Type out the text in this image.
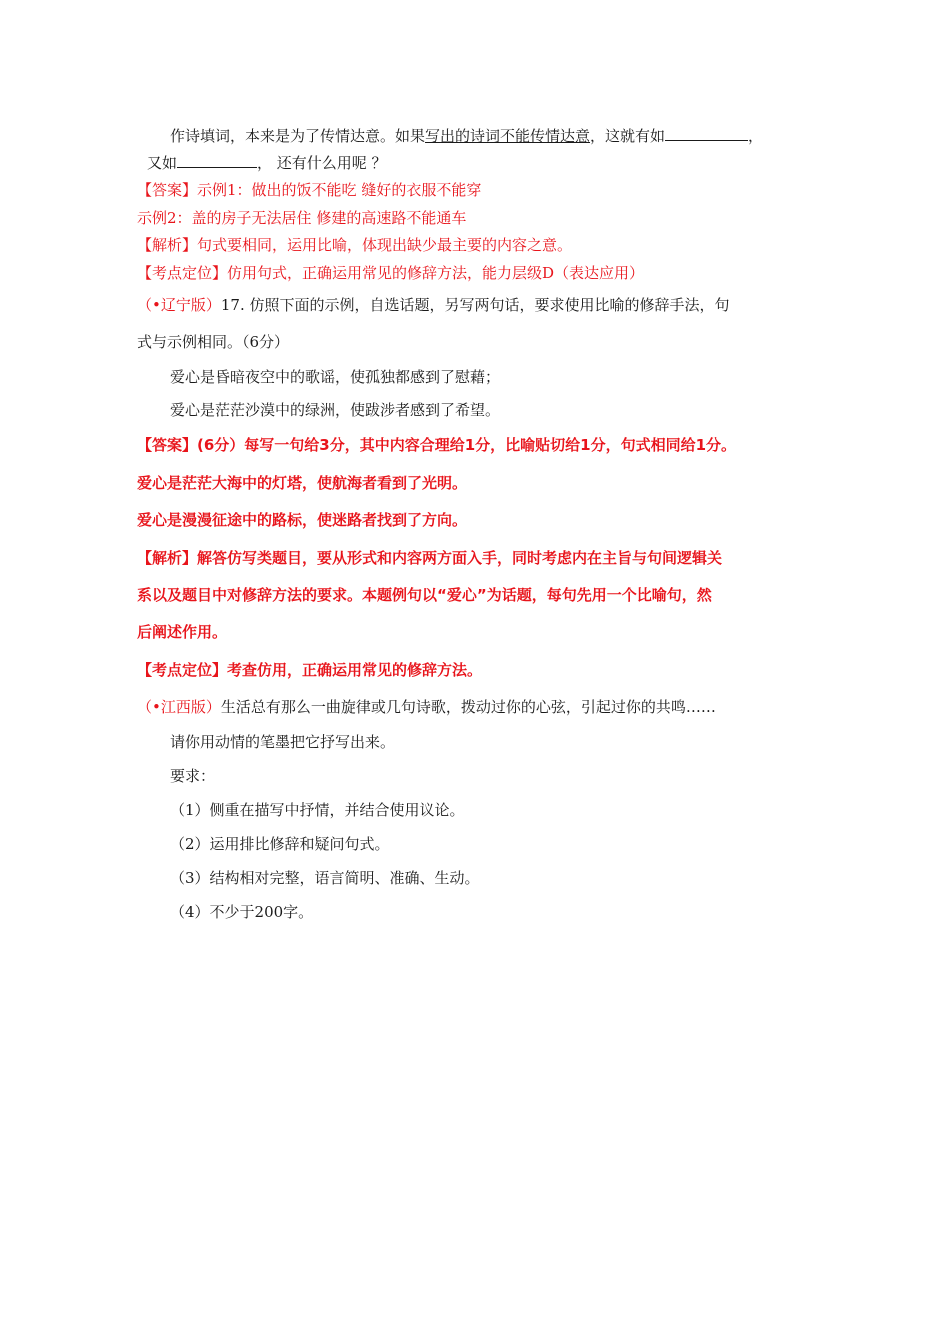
作诗填词，本来是为了传情达意。如果写出的诗词不能传情达意，这就有如	，
又如	， 还有什么用呢 ？
【答案】示例1：做出的饭不能吃 缝好的衣服不能穿
示例2：盖的房子无法居住 修建的高速路不能通车
【解析】句式要相同，运用比喻，体现出缺少最主要的内容之意。
【考点定位】仿用句式，正确运用常见的修辞方法，能力层级D（表达应用）
（•辽宁版）17. 仿照下面的示例，自选话题，另写两句话，要求使用比喻的修辞手法，句
式与示例相同。（6分）
爱心是昏暗夜空中的歌谣，使孤独都感到了慰藉；
爱心是茫茫沙漠中的绿洲，使跋涉者感到了希望。
【答案】(6分）每写一句给3分，其中内容合理给1分，比喻贴切给1分，句式相同给1分。
爱心是茫茫大海中的灯塔，使航海者看到了光明。
爱心是漫漫征途中的路标，使迷路者找到了方向。
【解析】解答仿写类题目，要从形式和内容两方面入手，同时考虑内在主旨与句间逻辑关
系以及题目中对修辞方法的要求。本题例句以“爱心”为话题，每句先用一个比喻句，然
后阐述作用。
【考点定位】考查仿用，正确运用常见的修辞方法。
（•江西版）生活总有那么一曲旋律或几句诗歌，拨动过你的心弦，引起过你的共鸣……
请你用动情的笔墨把它抒写出来。
要求：
（1）侧重在描写中抒情，并结合使用议论。
（2）运用排比修辞和疑问句式。
（3）结构相对完整，语言简明、准确、生动。
（4）不少于200字。
